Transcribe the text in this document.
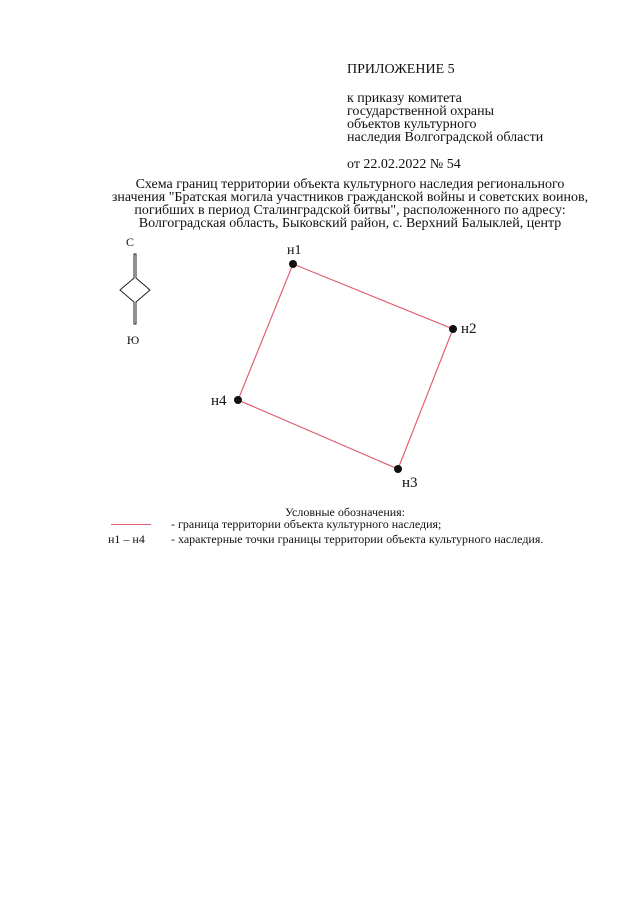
ПРИЛОЖЕНИЕ 5
к приказу комитета
государственной охраны
объектов культурного
наследия Волгоградской области
от 22.02.2022 № 54
Схема границ территории объекта культурного наследия регионального
значения "Братская могила участников гражданской войны и советских воинов,
погибших в период Сталинградской битвы", расположенного по адресу:
Волгоградская область, Быковский район, с. Верхний Балыклей, центр
С
Ю
н1
н2
н3
н4
Условные обозначения:
- граница территории объекта культурного наследия;
н1 – н4 - характерные точки границы территории объекта культурного наследия.
